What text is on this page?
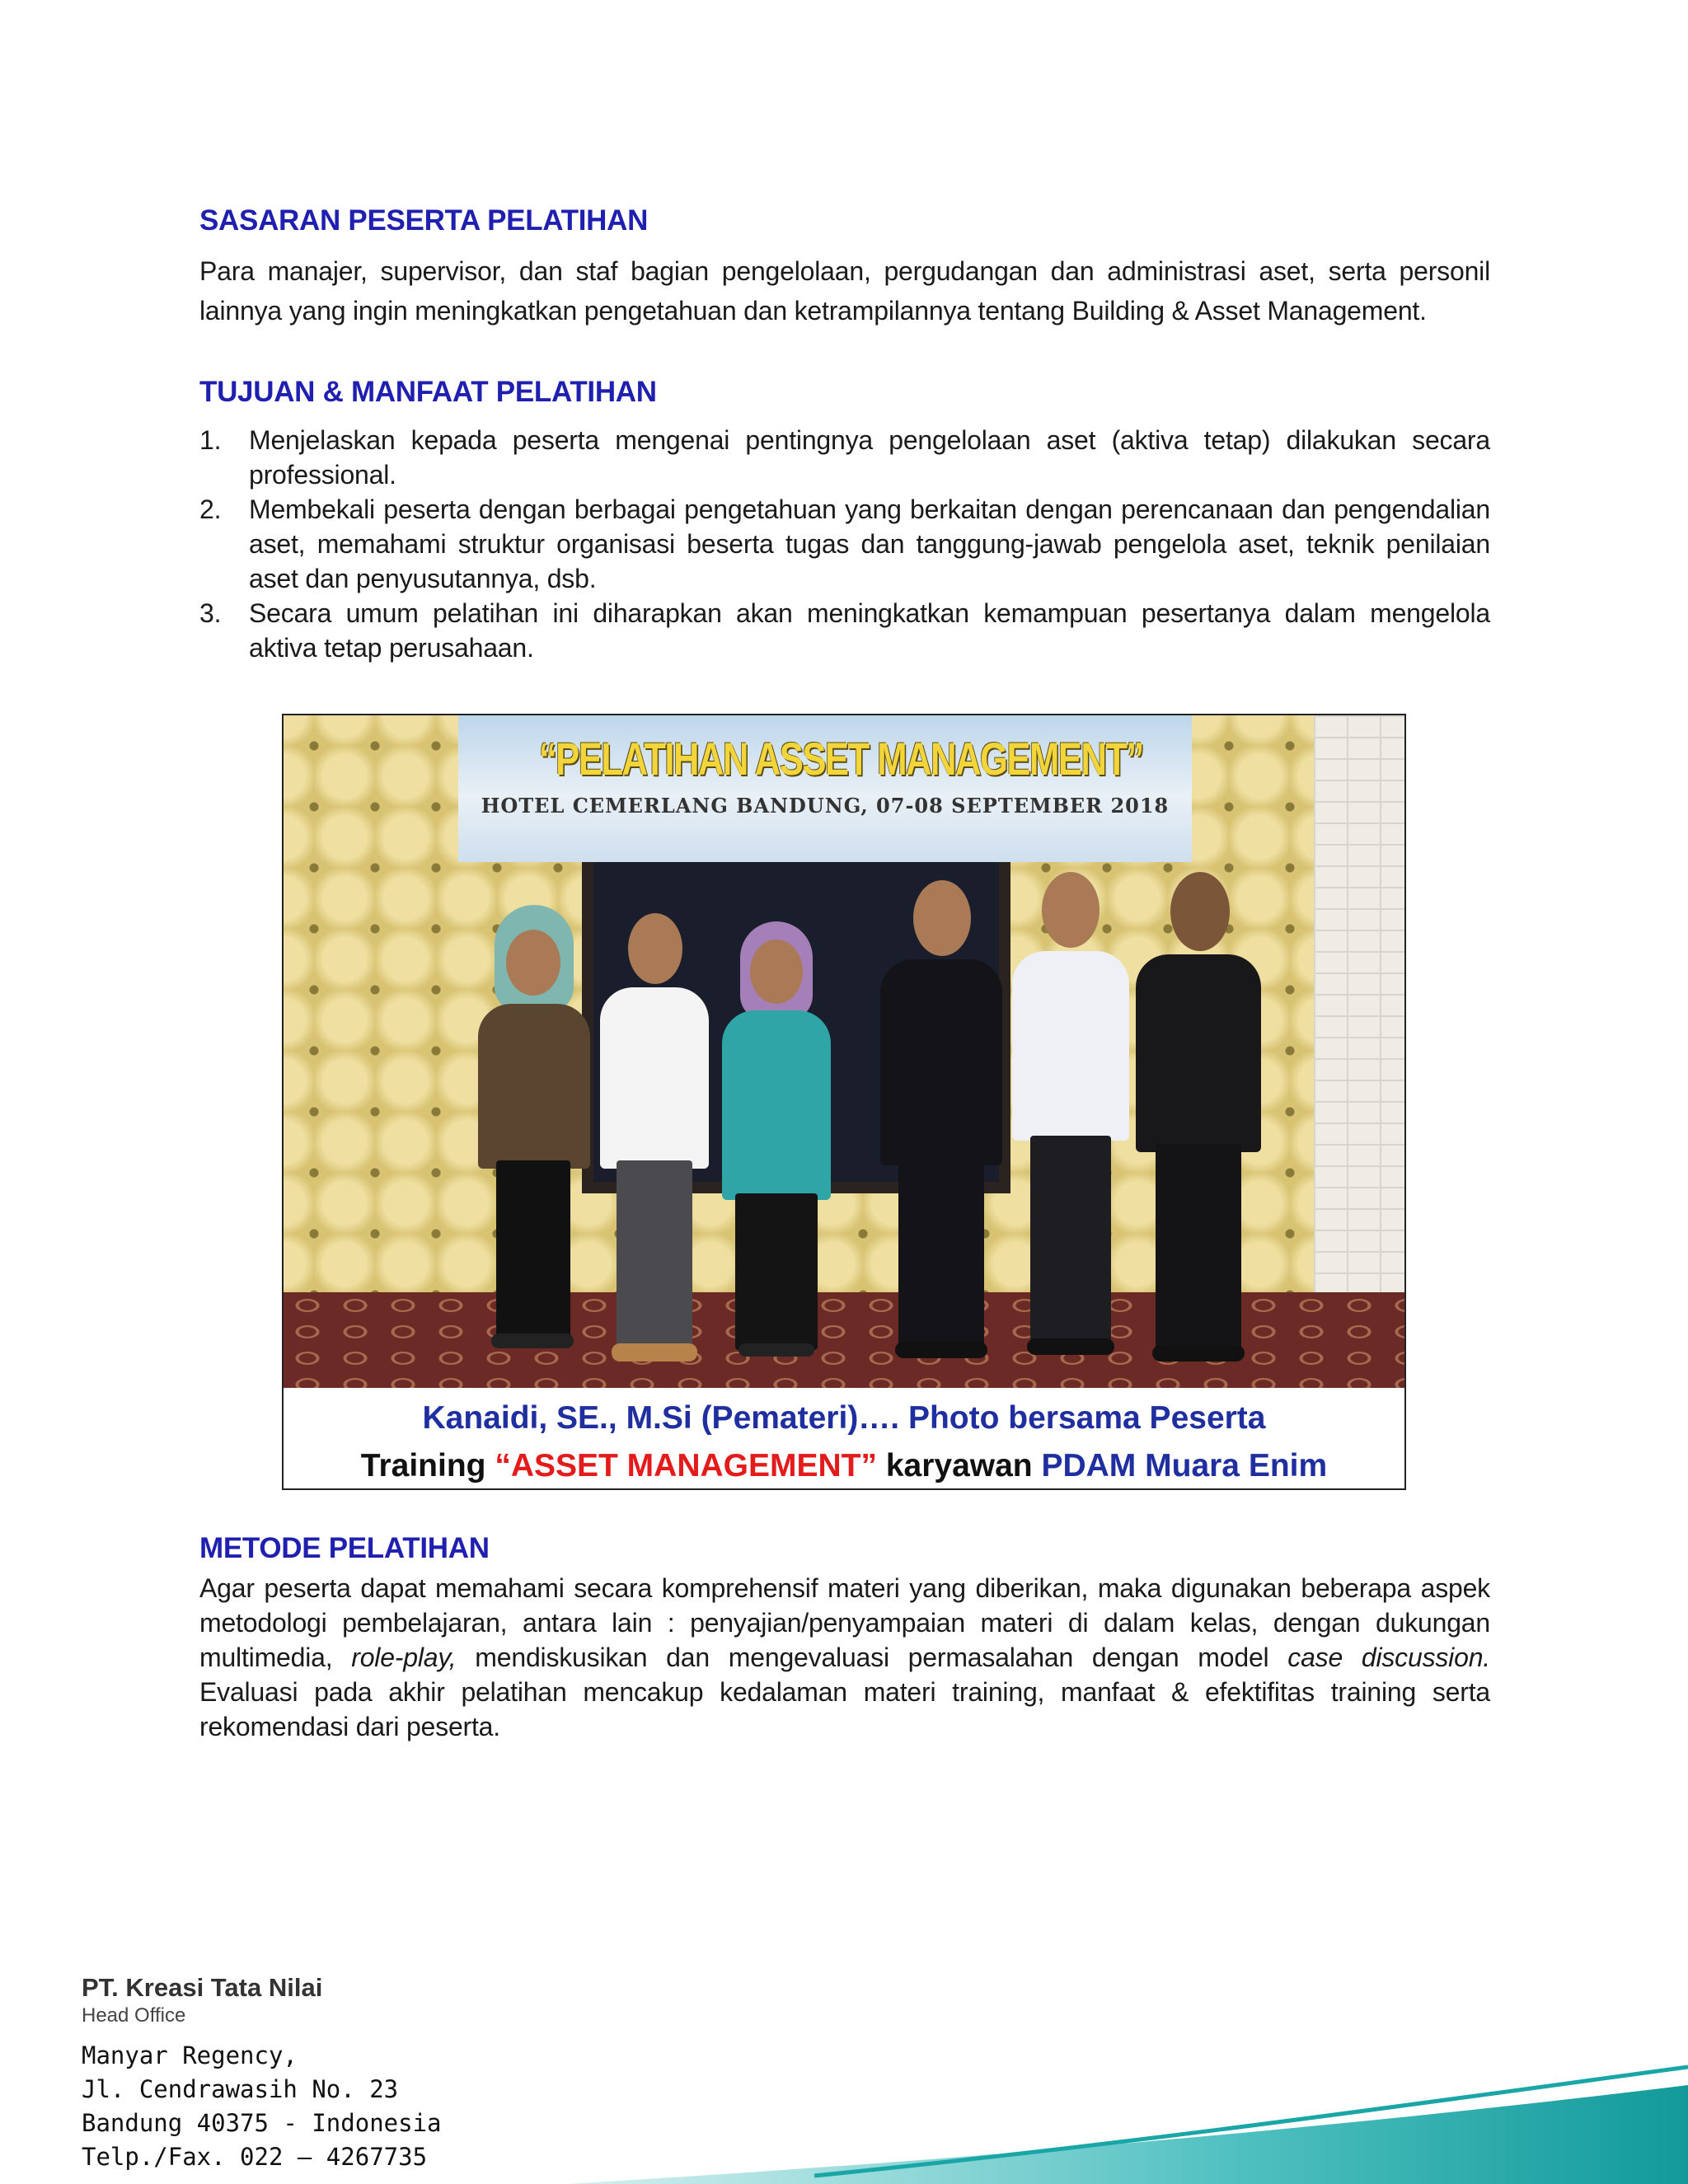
SASARAN PESERTA PELATIHAN

Para manajer, supervisor, dan staf bagian pengelolaan, pergudangan dan administrasi aset, serta personil lainnya yang ingin meningkatkan pengetahuan dan ketrampilannya tentang Building & Asset Management.

TUJUAN & MANFAAT PELATIHAN
1. Menjelaskan kepada peserta mengenai pentingnya pengelolaan aset (aktiva tetap) dilakukan secara professional.
2. Membekali peserta dengan berbagai pengetahuan yang berkaitan dengan perencanaan dan pengendalian aset, memahami struktur organisasi beserta tugas dan tanggung-jawab pengelola aset, teknik penilaian aset dan penyusutannya, dsb.
3. Secara umum pelatihan ini diharapkan akan meningkatkan kemampuan pesertanya dalam mengelola aktiva tetap perusahaan.
“PELATIHAN ASSET MANAGEMENT”
HOTEL CEMERLANG BANDUNG, 07-08 SEPTEMBER 2018
Kanaidi, SE., M.Si (Pemateri)…. Photo bersama Peserta
Training “ASSET MANAGEMENT” karyawan PDAM Muara Enim
METODE PELATIHAN

Agar peserta dapat memahami secara komprehensif materi yang diberikan, maka digunakan beberapa aspek metodologi pembelajaran, antara lain : penyajian/penyampaian materi di dalam kelas, dengan dukungan multimedia, role-play, mendiskusikan dan mengevaluasi permasalahan dengan model case discussion. Evaluasi pada akhir pelatihan mencakup kedalaman materi training, manfaat & efektifitas training serta rekomendasi dari peserta.

PT. Kreasi Tata Nilai
Head Office
Manyar Regency,
Jl. Cendrawasih No. 23
Bandung 40375 - Indonesia
Telp./Fax. 022 – 4267735
